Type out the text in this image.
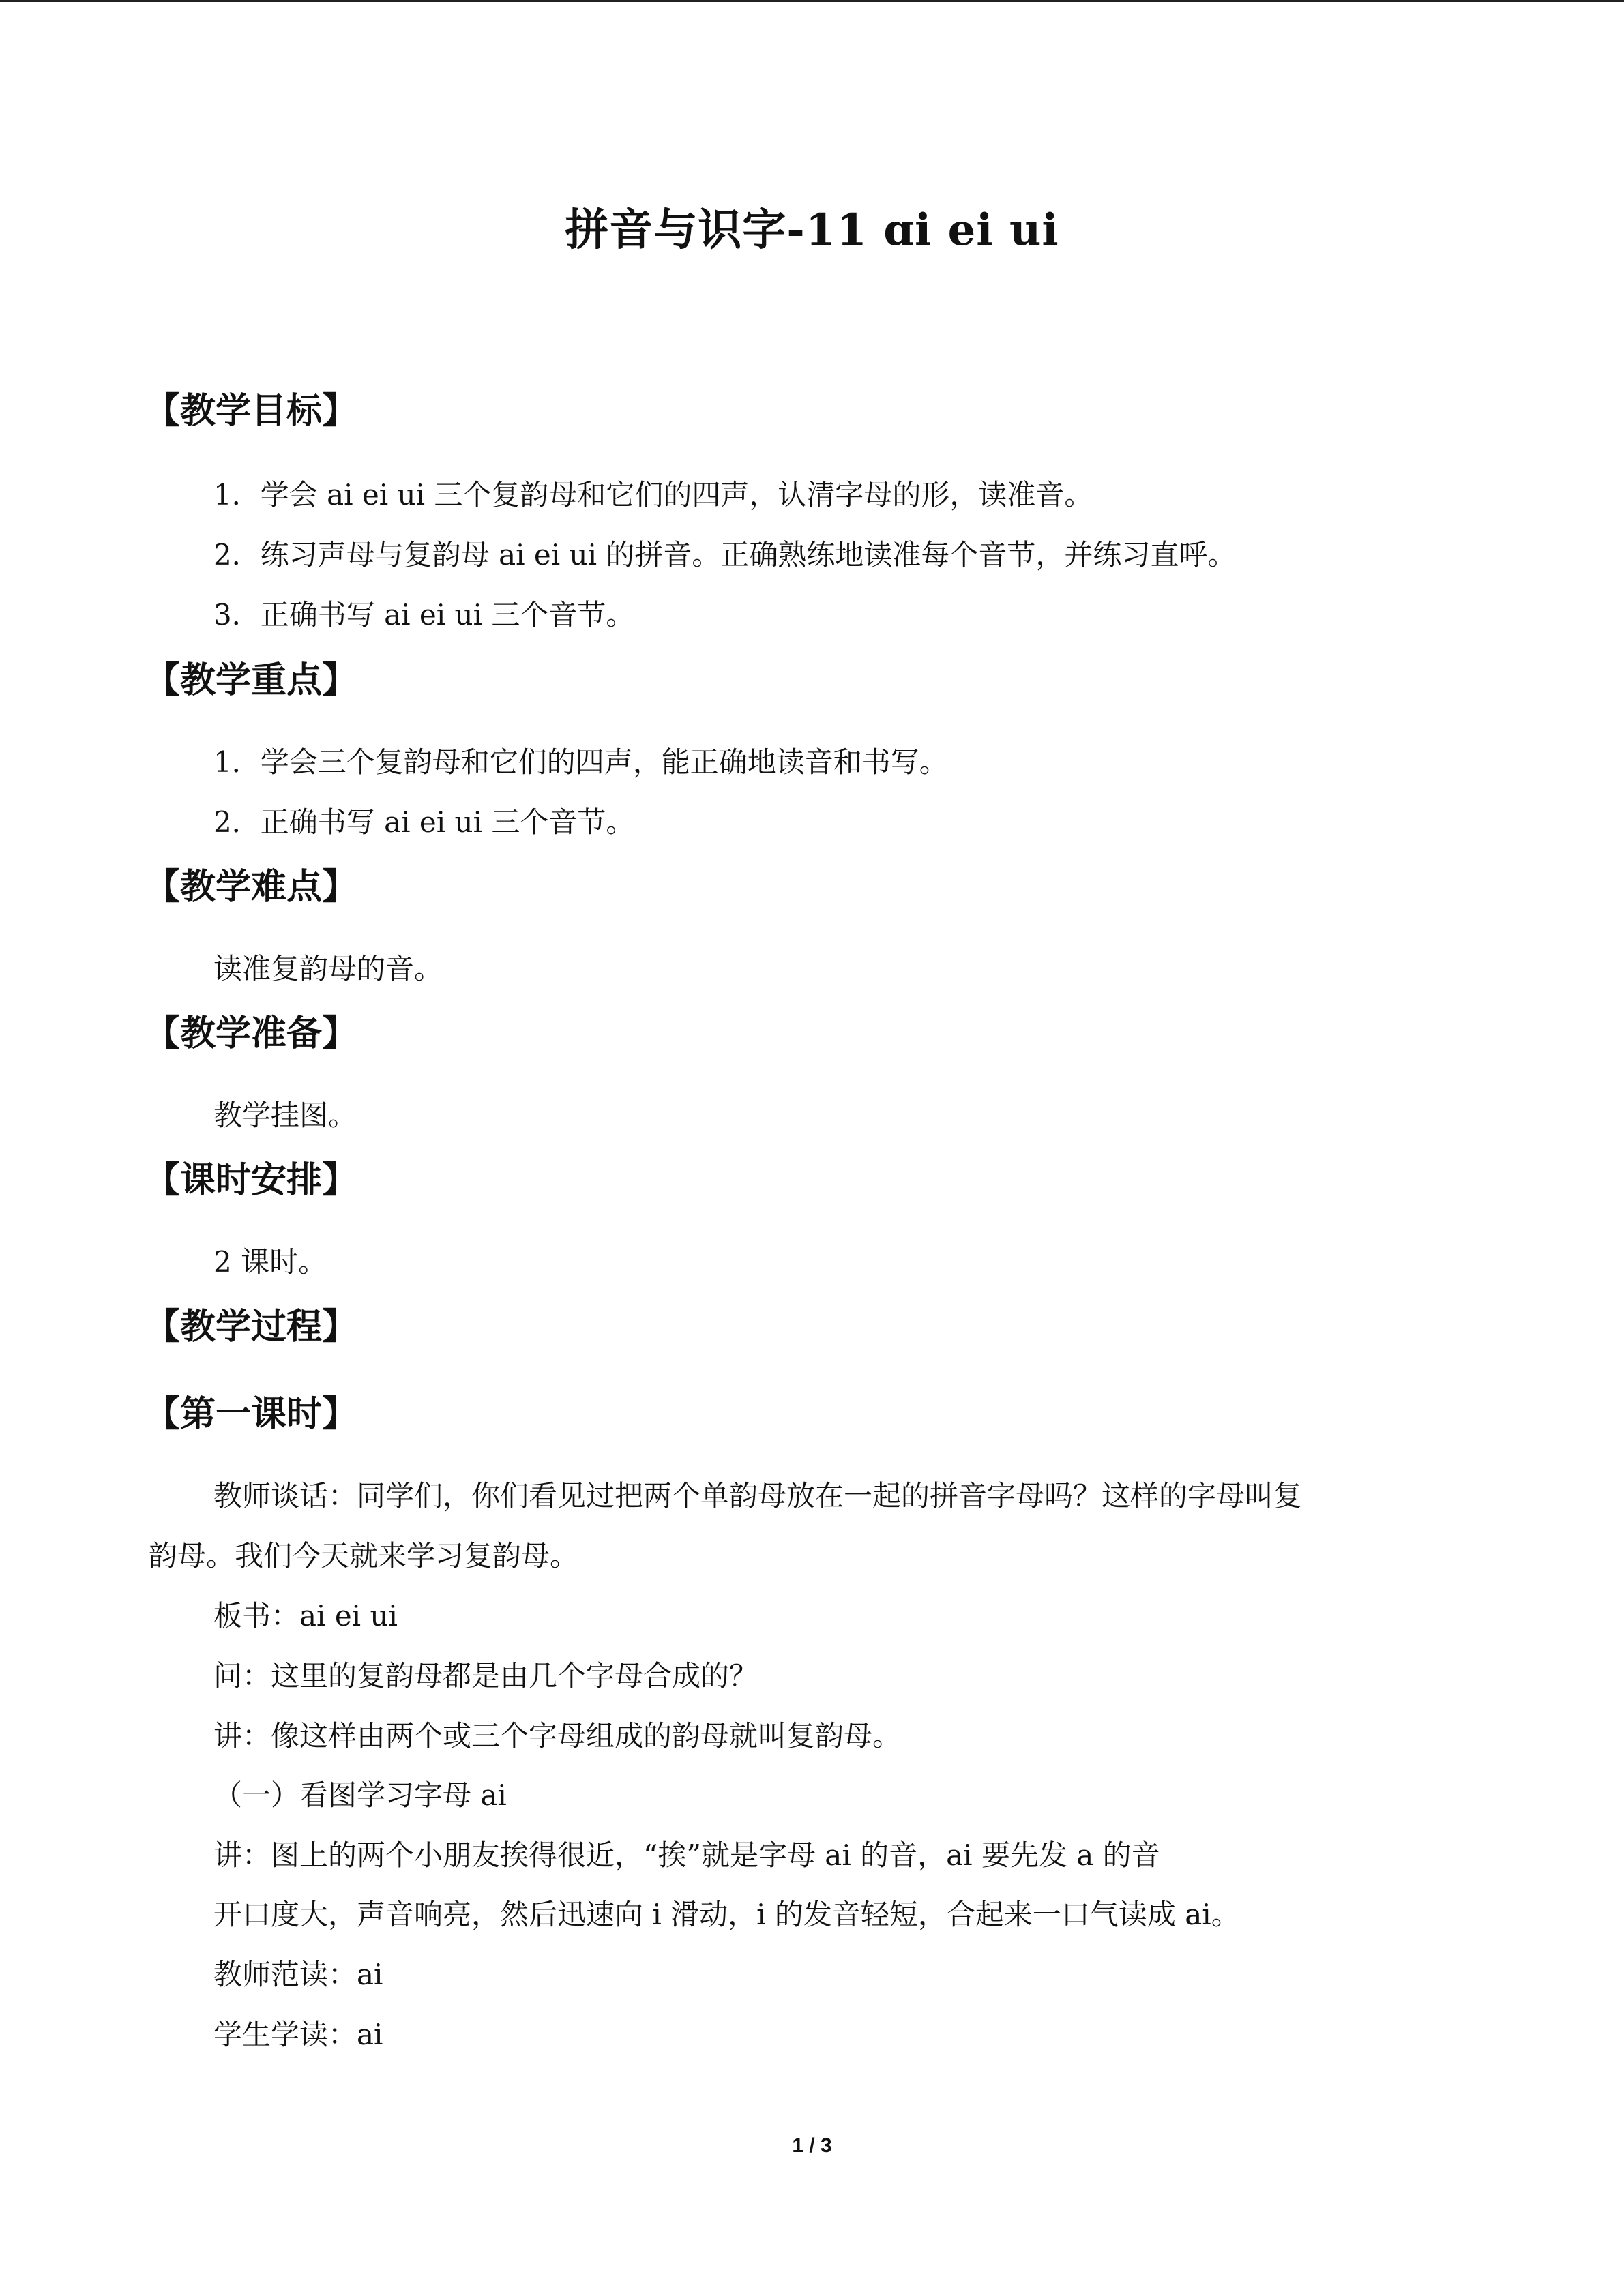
拼音与识字-11 ɑi ei ui
【教学目标】
1．学会 ai ei ui 三个复韵母和它们的四声，认清字母的形，读准音。
2．练习声母与复韵母 ai ei ui 的拼音。正确熟练地读准每个音节，并练习直呼。
3．正确书写 ai ei ui 三个音节。
【教学重点】
1．学会三个复韵母和它们的四声，能正确地读音和书写。
2．正确书写 ai ei ui 三个音节。
【教学难点】
读准复韵母的音。
【教学准备】
教学挂图。
【课时安排】
2 课时。
【教学过程】
【第一课时】
教师谈话：同学们，你们看见过把两个单韵母放在一起的拼音字母吗？这样的字母叫复
韵母。我们今天就来学习复韵母。
板书：ai ei ui
问：这里的复韵母都是由几个字母合成的？
讲：像这样由两个或三个字母组成的韵母就叫复韵母。
（一）看图学习字母 ai
讲：图上的两个小朋友挨得很近，“挨”就是字母 ai 的音，ai 要先发 a 的音
开口度大，声音响亮，然后迅速向 i 滑动，i 的发音轻短，合起来一口气读成 ai。
教师范读：ai
学生学读：ai
1 / 3
